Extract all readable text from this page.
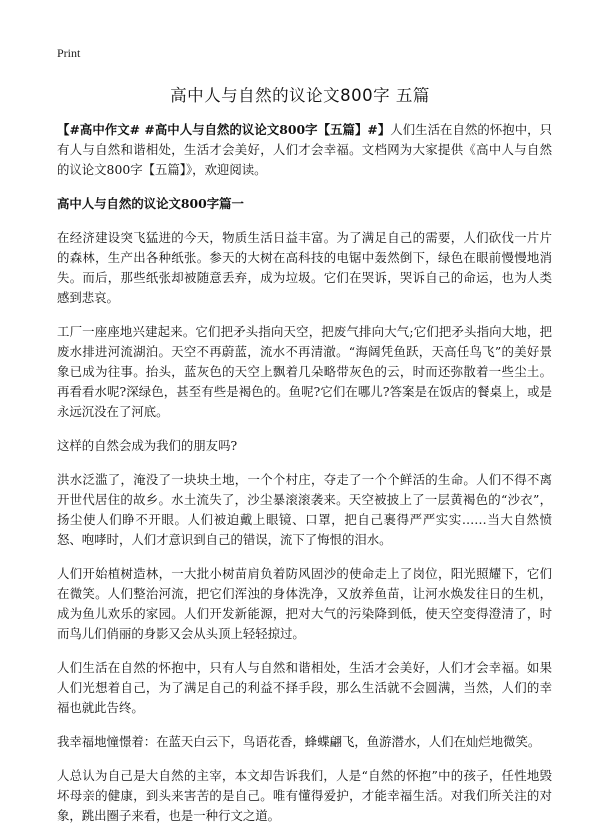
Print
高中人与自然的议论文800字 五篇

【#高中作文# #高中人与自然的议论文800字【五篇】#】人们生活在自然的怀抱中，只有人与自然和谐相处，生活才会美好，人们才会幸福。文档网为大家提供《高中人与自然的议论文800字【五篇】》，欢迎阅读。

高中人与自然的议论文800字篇一

在经济建设突飞猛进的今天，物质生活日益丰富。为了满足自己的需要，人们砍伐一片片的森林，生产出各种纸张。参天的大树在高科技的电锯中轰然倒下，绿色在眼前慢慢地消失。而后，那些纸张却被随意丢弃，成为垃圾。它们在哭诉，哭诉自己的命运，也为人类感到悲哀。

工厂一座座地兴建起来。它们把矛头指向天空，把废气排向大气;它们把矛头指向大地，把废水排进河流湖泊。天空不再蔚蓝，流水不再清澈。“海阔凭鱼跃，天高任鸟飞”的美好景象已成为往事。抬头，蓝灰色的天空上飘着几朵略带灰色的云，时而还弥散着一些尘土。再看看水呢?深绿色，甚至有些是褐色的。鱼呢?它们在哪儿?答案是在饭店的餐桌上，或是永远沉没在了河底。

这样的自然会成为我们的朋友吗?

洪水泛滥了，淹没了一块块土地，一个个村庄，夺走了一个个鲜活的生命。人们不得不离开世代居住的故乡。水土流失了，沙尘暴滚滚袭来。天空被披上了一层黄褐色的“沙衣”，扬尘使人们睁不开眼。人们被迫戴上眼镜、口罩，把自己裹得严严实实……当大自然愤怒、咆哮时，人们才意识到自己的错误，流下了悔恨的泪水。

人们开始植树造林，一大批小树苗肩负着防风固沙的使命走上了岗位，阳光照耀下，它们在微笑。人们整治河流，把它们浑浊的身体洗净，又放养鱼苗，让河水焕发往日的生机，成为鱼儿欢乐的家园。人们开发新能源，把对大气的污染降到低，使天空变得澄清了，时而鸟儿们俏丽的身影又会从头顶上轻轻掠过。

人们生活在自然的怀抱中，只有人与自然和谐相处，生活才会美好，人们才会幸福。如果人们光想着自己，为了满足自己的利益不择手段，那么生活就不会圆满，当然，人们的幸福也就此告终。

我幸福地憧憬着：在蓝天白云下，鸟语花香，蜂蝶翩飞，鱼游潜水，人们在灿烂地微笑。

人总认为自己是大自然的主宰，本文却告诉我们，人是“自然的怀抱”中的孩子，任性地毁坏母亲的健康，到头来害苦的是自己。唯有懂得爱护，才能幸福生活。对我们所关注的对象，跳出圈子来看，也是一种行文之道。
